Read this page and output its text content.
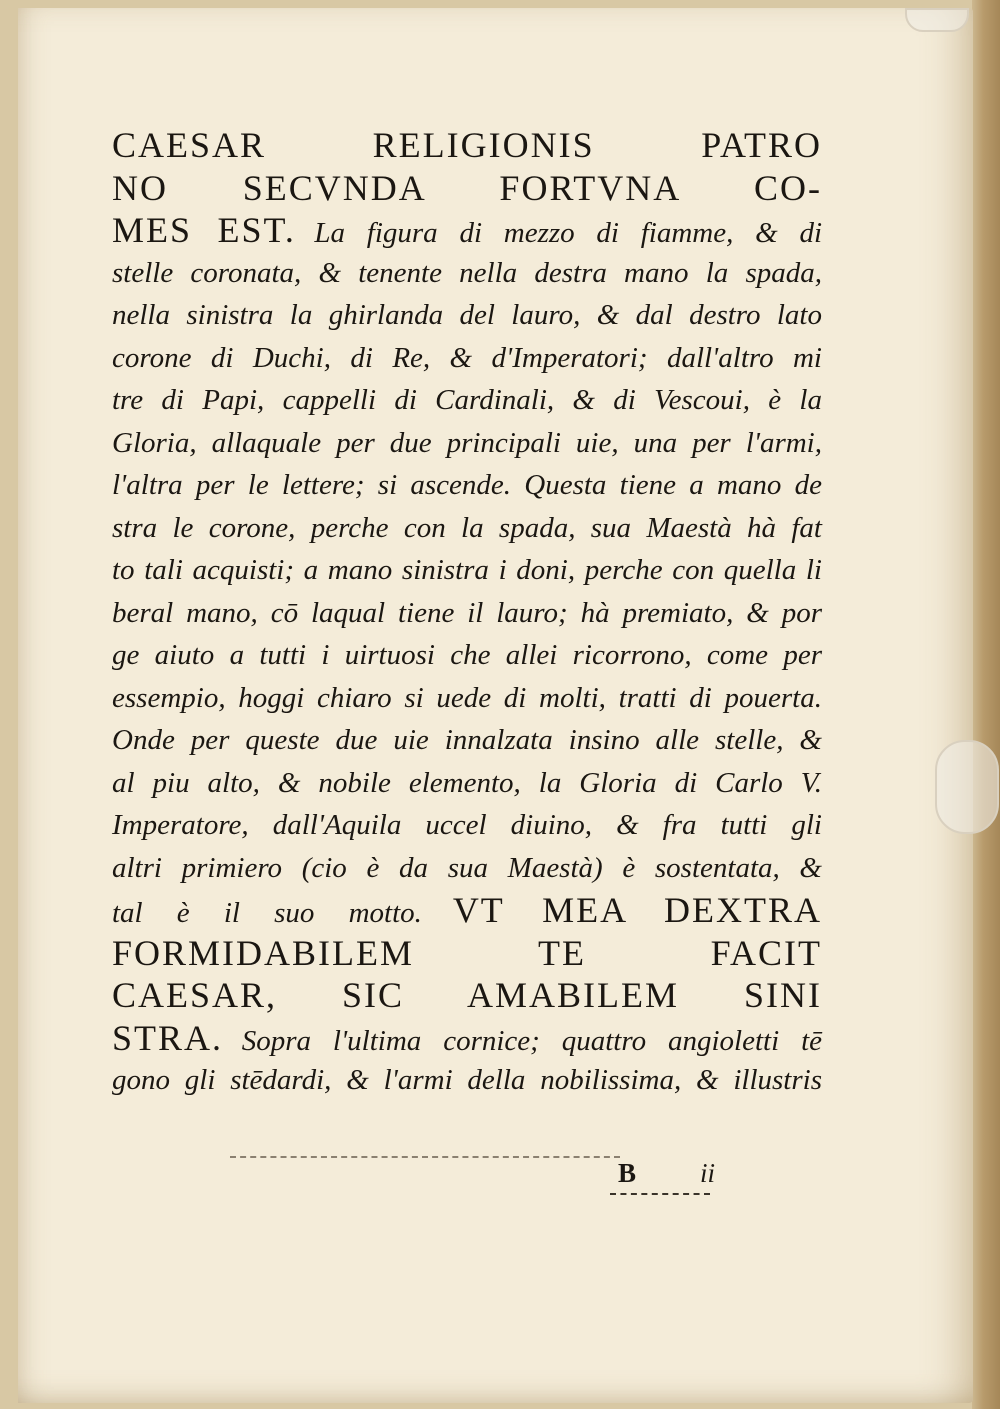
CAESAR RELIGIONIS PATRO
NO SECVNDA FORTVNA CO-
MES EST. La figura di mezzo di fiamme, & di
stelle coronata, & tenente nella destra mano la spada,
nella sinistra la ghirlanda del lauro, & dal destro lato
corone di Duchi, di Re, & d'Imperatori; dall'altro mi
tre di Papi, cappelli di Cardinali, & di Vescoui, è la
Gloria, allaquale per due principali uie, una per l'armi,
l'altra per le lettere; si ascende. Questa tiene a mano de
stra le corone, perche con la spada, sua Maestà hà fat
to tali acquisti; a mano sinistra i doni, perche con quella li
beral mano, cō laqual tiene il lauro; hà premiato, & por
ge aiuto a tutti i uirtuosi che allei ricorrono, come per
essempio, hoggi chiaro si uede di molti, tratti di pouerta.
Onde per queste due uie innalzata insino alle stelle, &
al piu alto, & nobile elemento, la Gloria di Carlo V.
Imperatore, dall'Aquila uccel diuino, & fra tutti gli
altri primiero (cio è da sua Maestà) è sostentata, &
tal è il suo motto. VT MEA DEXTRA
FORMIDABILEM TE FACIT
CAESAR, SIC AMABILEM SINI
STRA. Sopra l'ultima cornice; quattro angioletti tē
gono gli stēdardi, & l'armi della nobilissima, & illustris
B ii
